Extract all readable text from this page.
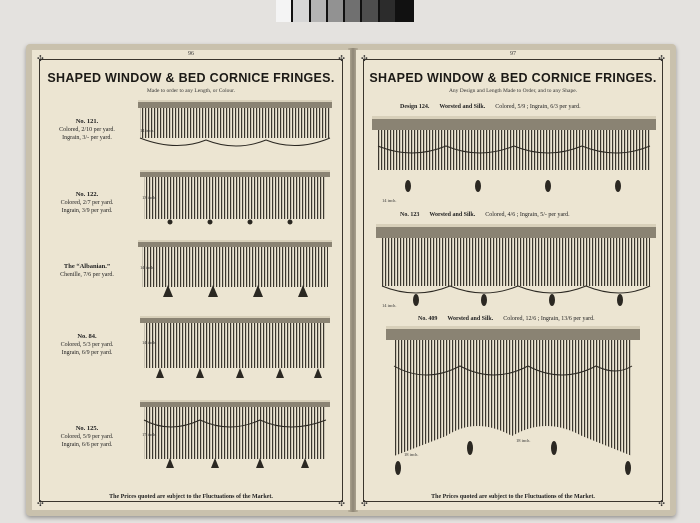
96
✣	✣
✣	✣
SHAPED WINDOW & BED CORNICE FRINGES.
Made to order to any Length, or Colour.
No. 121.
Colored, 2/10 per yard.
Ingrain, 3/- per yard.
14 inch.
No. 122.
Colored, 2/7 per yard.
Ingrain, 3/9 per yard.
13 inch.
The “Albanian.”
Chenille, 7/6 per yard.
14 inch.
No. 84.
Colored, 5/3 per yard.
Ingrain, 6/9 per yard.
14 inch.
No. 125.
Colored, 5/9 per yard.
Ingrain, 6/6 per yard.
17 inch.
The Prices quoted are subject to the Fluctuations of the Market.
97
✣	✣
✣	✣
SHAPED WINDOW & BED CORNICE FRINGES.
Any Design and Length Made to Order, and to any Shape.
Design 124. Worsted and Silk. Colored, 5/9 ; Ingrain, 6/3 per yard.
14 inch.
No. 123 Worsted and Silk. Colored, 4/6 ; Ingrain, 5/- per yard.
14 inch.
No. 409 Worsted and Silk. Colored, 12/6 ; Ingrain, 13/6 per yard.
18 inch.
18 inch.
The Prices quoted are subject to the Fluctuations of the Market.
